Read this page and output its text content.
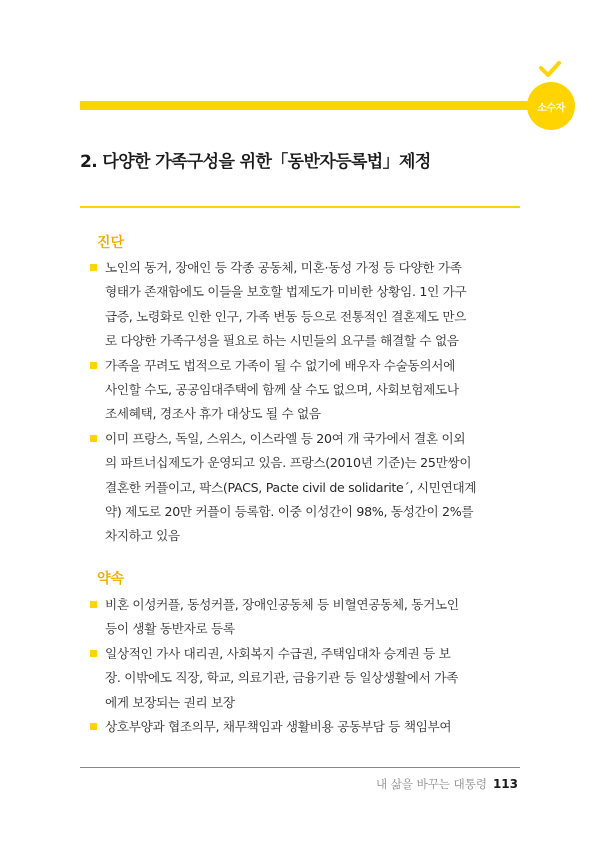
소수자
2. 다양한 가족구성을 위한「동반자등록법」제정
진단
노인의 동거, 장애인 등 각종 공동체, 미혼·동성 가정 등 다양한 가족
형태가 존재함에도 이들을 보호할 법제도가 미비한 상황임. 1인 가구
급증, 노령화로 인한 인구, 가족 변동 등으로 전통적인 결혼제도 만으
로 다양한 가족구성을 필요로 하는 시민들의 요구를 해결할 수 없음
가족을 꾸려도 법적으로 가족이 될 수 없기에 배우자 수술동의서에
사인할 수도, 공공임대주택에 함께 살 수도 없으며, 사회보험제도나
조세혜택, 경조사 휴가 대상도 될 수 없음
이미 프랑스, 독일, 스위스, 이스라엘 등 20여 개 국가에서 결혼 이외
의 파트너십제도가 운영되고 있음. 프랑스(2010년 기준)는 25만쌍이
결혼한 커플이고, 팍스(PACS, Pacte civil de solidarite´, 시민연대계
약) 제도로 20만 커플이 등록함. 이중 이성간이 98%, 동성간이 2%를
차지하고 있음
약속
비혼 이성커플, 동성커플, 장애인공동체 등 비혈연공동체, 동거노인
등이 생활 동반자로 등록
일상적인 가사 대리권, 사회복지 수급권, 주택임대차 승계권 등 보
장. 이밖에도 직장, 학교, 의료기관, 금융기관 등 일상생활에서 가족
에게 보장되는 권리 보장
상호부양과 협조의무, 채무책임과 생활비용 공동부담 등 책임부여
내 삶을 바꾸는 대통령 113
